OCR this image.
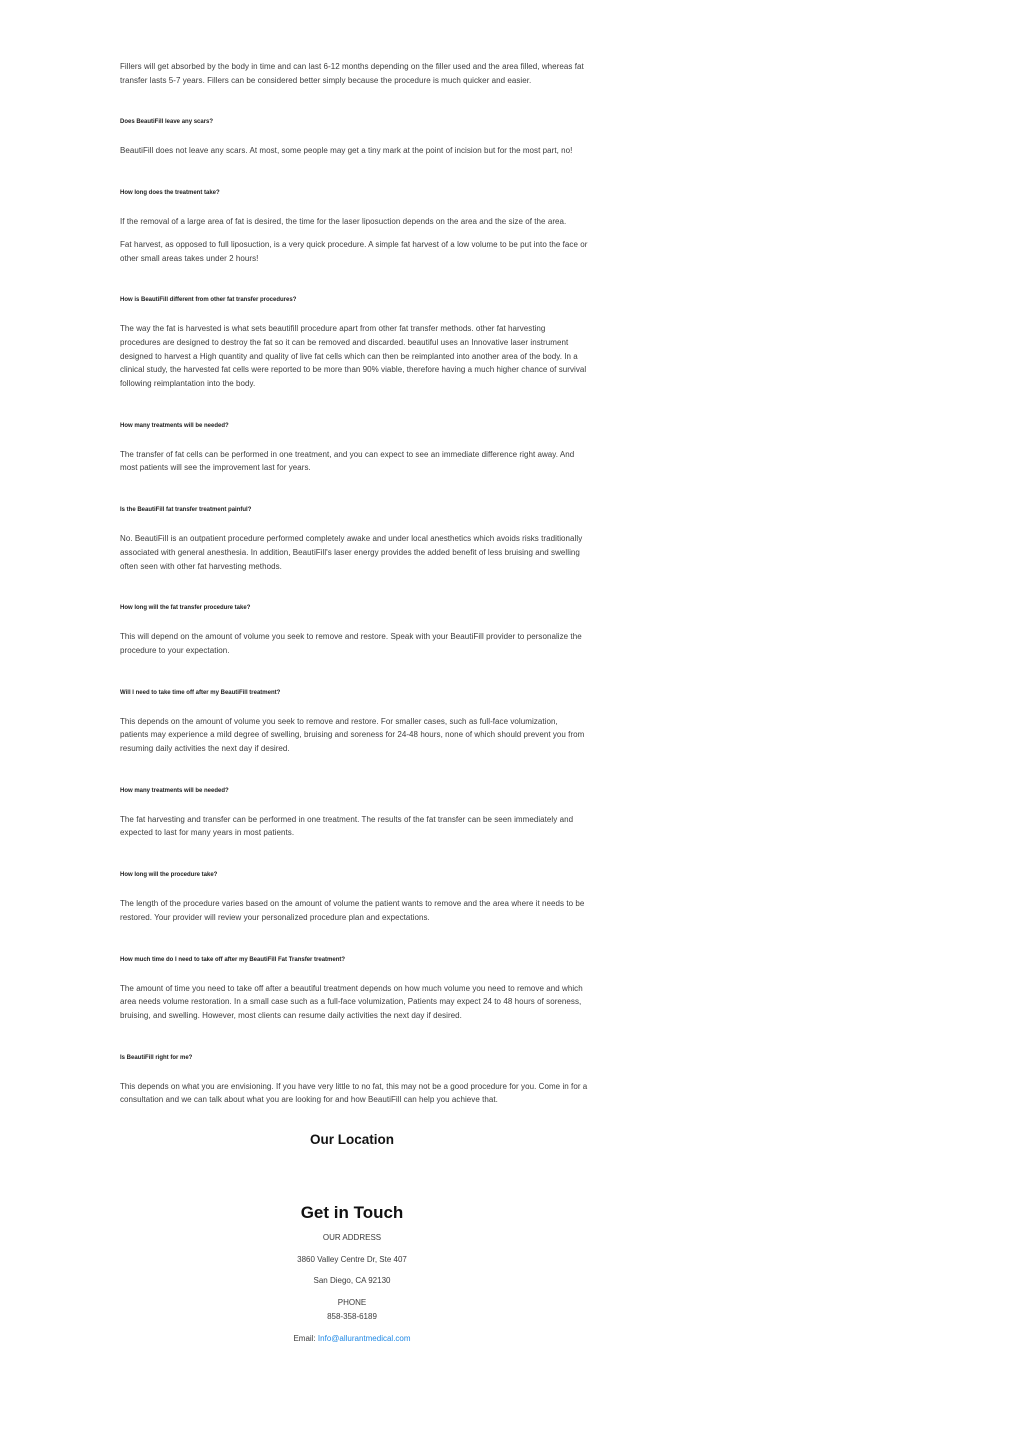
Fillers will get absorbed by the body in time and can last 6-12 months depending on the filler used and the area filled, whereas fat transfer lasts 5-7 years. Fillers can be considered better simply because the procedure is much quicker and easier.

Does BeautiFill leave any scars?

BeautiFill does not leave any scars. At most, some people may get a tiny mark at the point of incision but for the most part, no!

How long does the treatment take?

If the removal of a large area of fat is desired, the time for the laser liposuction depends on the area and the size of the area.

Fat harvest, as opposed to full liposuction, is a very quick procedure. A simple fat harvest of a low volume to be put into the face or other small areas takes under 2 hours!

How is BeautiFill different from other fat transfer procedures?

The way the fat is harvested is what sets beautifill procedure apart from other fat transfer methods. other fat harvesting procedures are designed to destroy the fat so it can be removed and discarded. beautiful uses an Innovative laser instrument designed to harvest a High quantity and quality of live fat cells which can then be reimplanted into another area of the body. In a clinical study, the harvested fat cells were reported to be more than 90% viable, therefore having a much higher chance of survival following reimplantation into the body.

How many treatments will be needed?

The transfer of fat cells can be performed in one treatment, and you can expect to see an immediate difference right away. And most patients will see the improvement last for years.

Is the BeautiFill fat transfer treatment painful?

No. BeautiFill is an outpatient procedure performed completely awake and under local anesthetics which avoids risks traditionally associated with general anesthesia. In addition, BeautiFill's laser energy provides the added benefit of less bruising and swelling often seen with other fat harvesting methods.

How long will the fat transfer procedure take?

This will depend on the amount of volume you seek to remove and restore. Speak with your BeautiFill provider to personalize the procedure to your expectation.

Will I need to take time off after my BeautiFill treatment?

This depends on the amount of volume you seek to remove and restore. For smaller cases, such as full-face volumization, patients may experience a mild degree of swelling, bruising and soreness for 24-48 hours, none of which should prevent you from resuming daily activities the next day if desired.

How many treatments will be needed?

The fat harvesting and transfer can be performed in one treatment. The results of the fat transfer can be seen immediately and expected to last for many years in most patients.

How long will the procedure take?

The length of the procedure varies based on the amount of volume the patient wants to remove and the area where it needs to be restored. Your provider will review your personalized procedure plan and expectations.

How much time do I need to take off after my BeautiFill Fat Transfer treatment?

The amount of time you need to take off after a beautiful treatment depends on how much volume you need to remove and which area needs volume restoration. In a small case such as a full-face volumization, Patients may expect 24 to 48 hours of soreness, bruising, and swelling. However, most clients can resume daily activities the next day if desired.

Is BeautiFill right for me?

This depends on what you are envisioning. If you have very little to no fat, this may not be a good procedure for you. Come in for a consultation and we can talk about what you are looking for and how BeautiFill can help you achieve that.

Our Location
Get in Touch

OUR ADDRESS

3860 Valley Centre Dr, Ste 407

San Diego, CA 92130

PHONE

858-358-6189

Email: Info@allurantmedical.com
